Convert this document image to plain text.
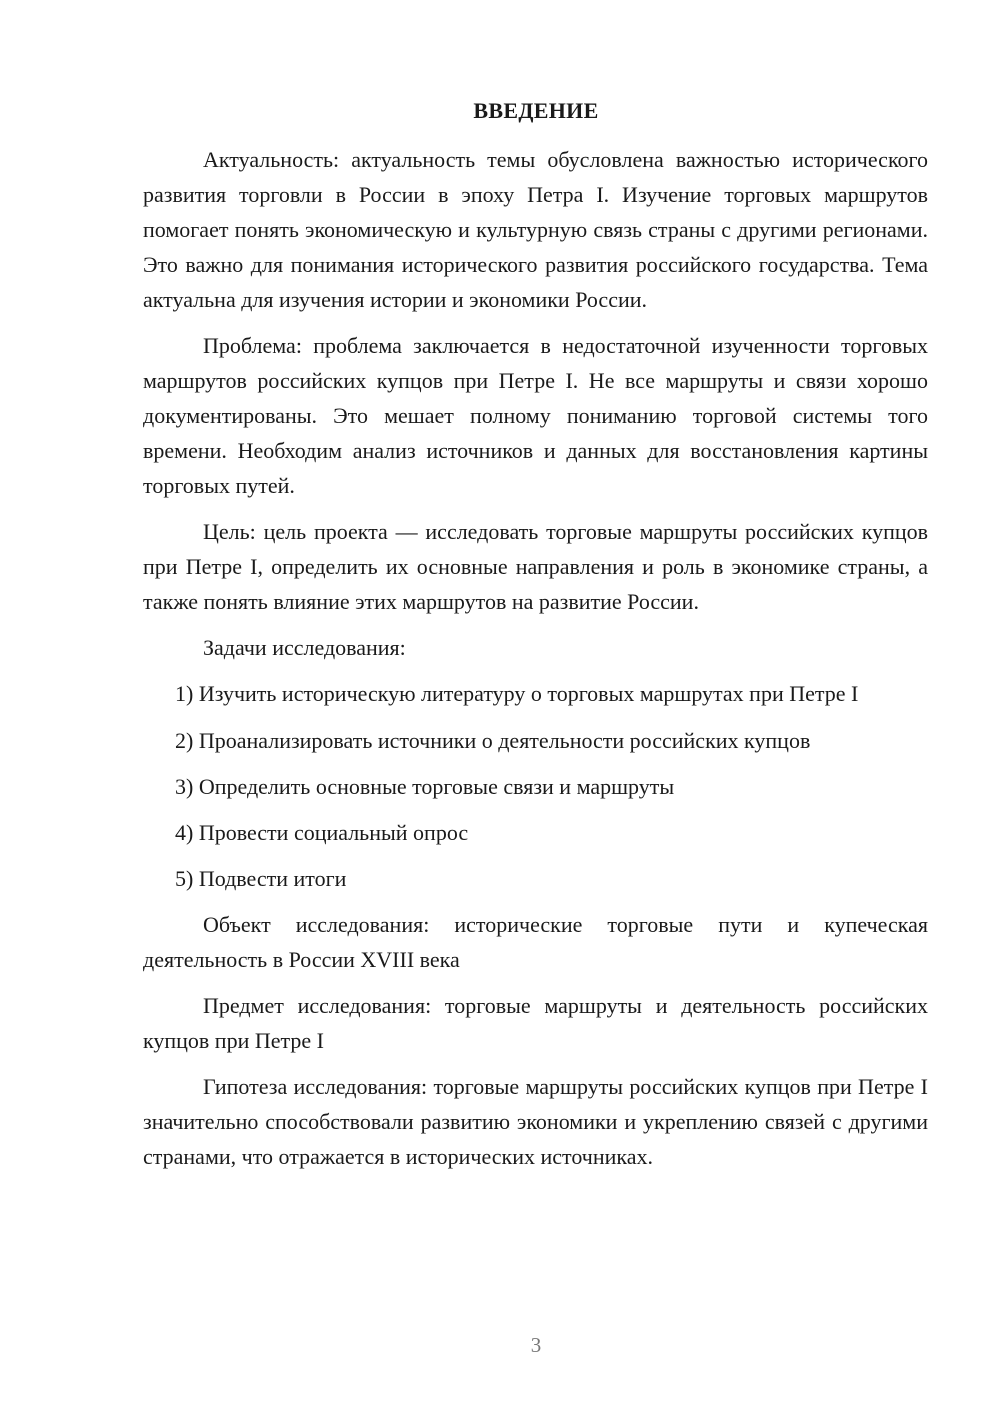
ВВЕДЕНИЕ

Актуальность: актуальность темы обусловлена важностью исторического развития торговли в России в эпоху Петра I. Изучение торговых маршрутов помогает понять экономическую и культурную связь страны с другими регионами. Это важно для понимания исторического развития российского государства. Тема актуальна для изучения истории и экономики России.

Проблема: проблема заключается в недостаточной изученности торговых маршрутов российских купцов при Петре I. Не все маршруты и связи хорошо документированы. Это мешает полному пониманию торговой системы того времени. Необходим анализ источников и данных для восстановления картины торговых путей.

Цель: цель проекта — исследовать торговые маршруты российских купцов при Петре I, определить их основные направления и роль в экономике страны, а также понять влияние этих маршрутов на развитие России.

Задачи исследования:

1) Изучить историческую литературу о торговых маршрутах при Петре I

2) Проанализировать источники о деятельности российских купцов

3) Определить основные торговые связи и маршруты

4) Провести социальный опрос

5) Подвести итоги

Объект исследования: исторические торговые пути и купеческая деятельность в России XVIII века

Предмет исследования: торговые маршруты и деятельность российских купцов при Петре I

Гипотеза исследования: торговые маршруты российских купцов при Петре I значительно способствовали развитию экономики и укреплению связей с другими странами, что отражается в исторических источниках.

3
